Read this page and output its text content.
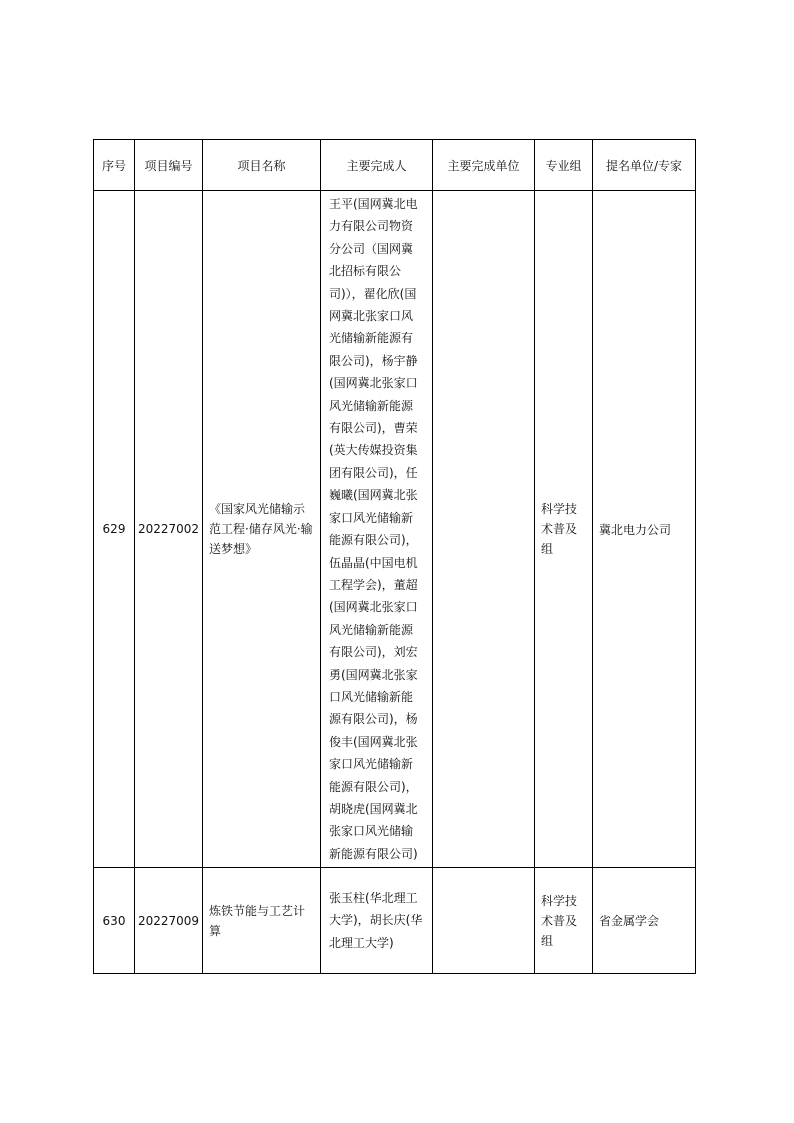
序号	项目编号	项目名称	主要完成人	主要完成单位	专业组	提名单位/专家
629	20227002	《国家风光储输示范工程·储存风光·输送梦想》	王平(国网冀北电力有限公司物资分公司（国网冀北招标有限公司)），翟化欣(国网冀北张家口风光储输新能源有限公司)，杨宇静(国网冀北张家口风光储输新能源有限公司)，曹荣(英大传媒投资集团有限公司)，任巍曦(国网冀北张家口风光储输新能源有限公司)，伍晶晶(中国电机工程学会)，董超(国网冀北张家口风光储输新能源有限公司)，刘宏勇(国网冀北张家口风光储输新能源有限公司)，杨俊丰(国网冀北张家口风光储输新能源有限公司)，胡晓虎(国网冀北张家口风光储输新能源有限公司)		科学技术普及组	冀北电力公司
630	20227009	炼铁节能与工艺计算	张玉柱(华北理工大学)，胡长庆(华北理工大学)		科学技术普及组	省金属学会
